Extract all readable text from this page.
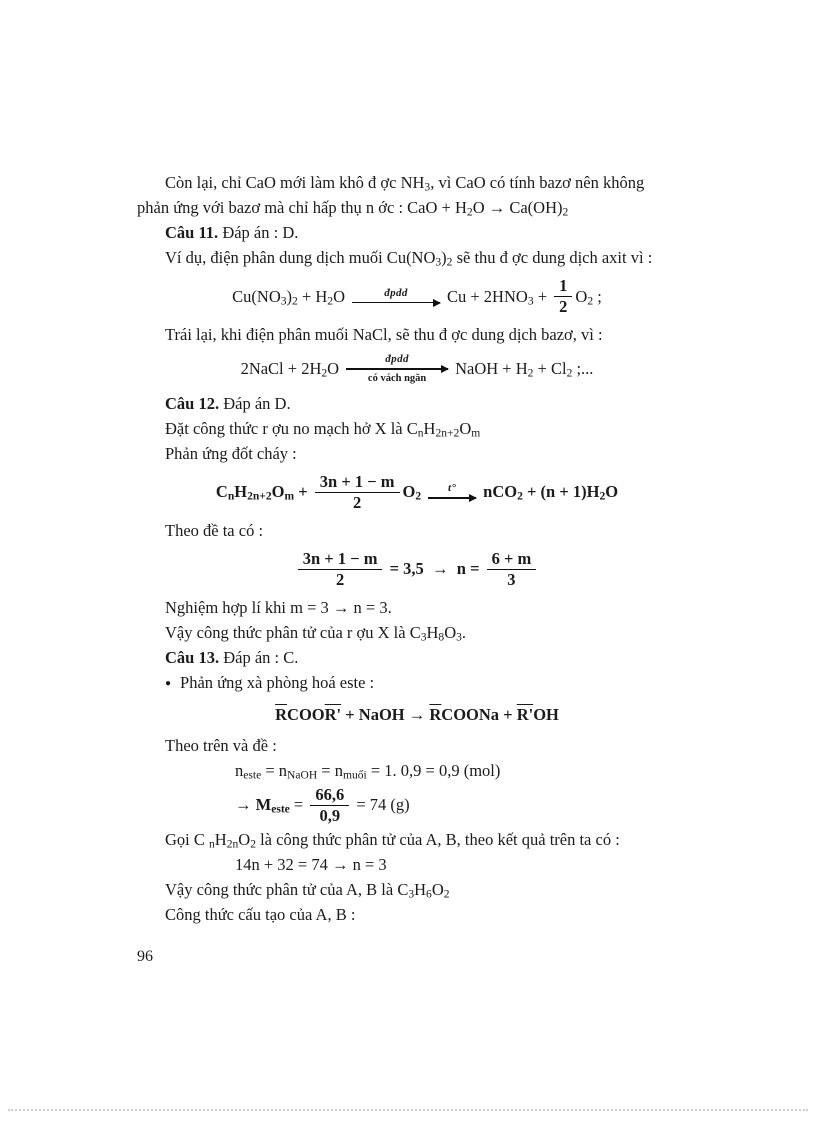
Còn lại, chỉ CaO mới làm khô đ ợc $NH_3$, vì CaO có tính bazơ nên không

phản ứng với bazơ mà chỉ hấp thụ n ớc : CaO + $H_2O \to Ca(OH)_2$

Câu 11. Đáp án : D.

Ví dụ, điện phân dung dịch muối $Cu(NO_3)_2$ sẽ thu đ ợc dung dịch axit vì :

$Cu(NO_3)_2 + H_2O$	đpdd $Cu + 2HNO_3 + \frac{1}{2} O_2$ ;

Trái lại, khi điện phân muối NaCl, sẽ thu đ ợc dung dịch bazơ, vì :

2NaCl + $2H_2O$
đpdd
có vách ngăn NaOH + $H_2 + Cl_2$ ;...

Câu 12. Đáp án D.

Đặt công thức r ợu no mạch hở X là $C_nH_{2n+2}O_m$

Phản ứng đốt cháy :

$C_nH_{2n+2}O_m + \frac{3n + 1 - m}{2} O_2$
t° $nCO_2 + (n + 1)H_2O$

Theo đề ta có :

$\frac{3n + 1 - m}{2} = 3,5 \to n = \frac{6 + m}{3}$

Nghiệm hợp lí khi m = 3 → n = 3.

Vậy công thức phân tử của r ợu X là $C_3H_8O_3$.

Câu 13. Đáp án : C.

● Phản ứng xà phòng hoá este :

$\overline{R}COOR'$ + NaOH → $\overline{R}COONa + R'OH$

Theo trên và đề :

$n_{este} = n_{NaOH} = n_{muối} = 1$. 0,9 = 0,9 (mol)

→ $M_{este} = \frac{66,6}{0,9} = 74$ (g)

Gọi C $_nH_{2n}O_2$ là công thức phân tử của A, B, theo kết quả trên ta có :

14n + 32 = 74 → n = 3

Vậy công thức phân tử của A, B là $C_3H_6O_2$

Công thức cấu tạo của A, B :

96
